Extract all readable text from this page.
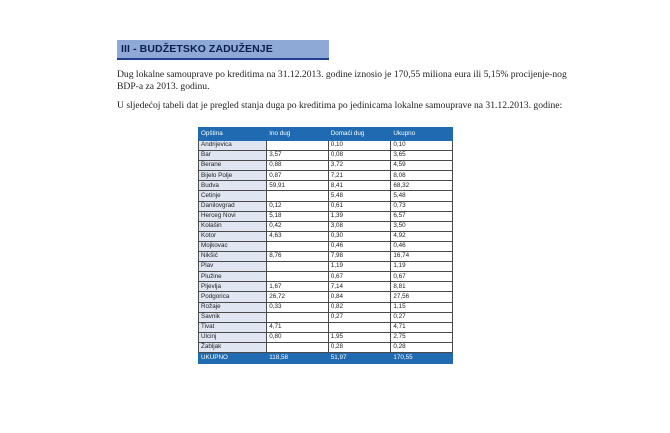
III - BUDŽETSKO ZADUŽENJE
Dug lokalne samouprave po kreditima na 31.12.2013. godine iznosio je 170,55 miliona eura ili 5,15% procijenje-nog BDP-a za 2013. godinu.
U sljedećoj tabeli dat je pregled stanja duga po kreditima po jedinicama lokalne samouprave na 31.12.2013. godine:
Opština	Ino dug	Domaći dug	Ukupno
Andrijevica		0,10	0,10
Bar	3,57	0,08	3,65
Berane	0,88	3,72	4,59
Bijelo Polje	0,87	7,21	8,08
Budva	59,91	8,41	68,32
Cetinje		5,48	5,48
Danilovgrad	0,12	0,61	0,73
Herceg Novi	5,18	1,39	6,57
Kolašin	0,42	3,08	3,50
Kotor	4,63	0,30	4,92
Mojkovac		0,46	0,46
Nikšić	8,76	7,98	16,74
Plav		1,19	1,19
Plužine		0,67	0,67
Pljevlja	1,67	7,14	8,81
Podgorica	26,72	0,84	27,56
Rožaje	0,33	0,82	1,15
Šavnik		0,27	0,27
Tivat	4,71		4,71
Ulcinj	0,80	1,95	2,75
Žabljak		0,28	0,28
UKUPNO	118,58	51,97	170,55
